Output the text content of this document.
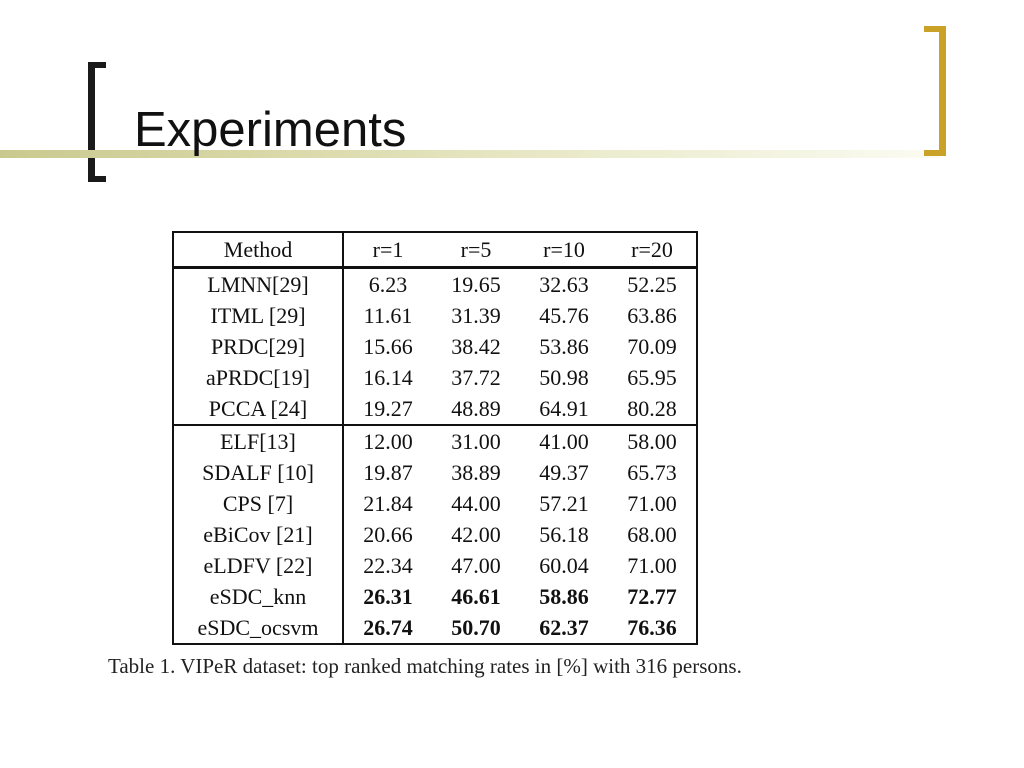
Experiments
Method	r=1	r=5	r=10	r=20
LMNN[29]	6.23	19.65	32.63	52.25
ITML [29]	11.61	31.39	45.76	63.86
PRDC[29]	15.66	38.42	53.86	70.09
aPRDC[19]	16.14	37.72	50.98	65.95
PCCA [24]	19.27	48.89	64.91	80.28
ELF[13]	12.00	31.00	41.00	58.00
SDALF [10]	19.87	38.89	49.37	65.73
CPS [7]	21.84	44.00	57.21	71.00
eBiCov [21]	20.66	42.00	56.18	68.00
eLDFV [22]	22.34	47.00	60.04	71.00
eSDC_knn	26.31	46.61	58.86	72.77
eSDC_ocsvm	26.74	50.70	62.37	76.36

Table 1. VIPeR dataset: top ranked matching rates in [%] with 316 persons.
